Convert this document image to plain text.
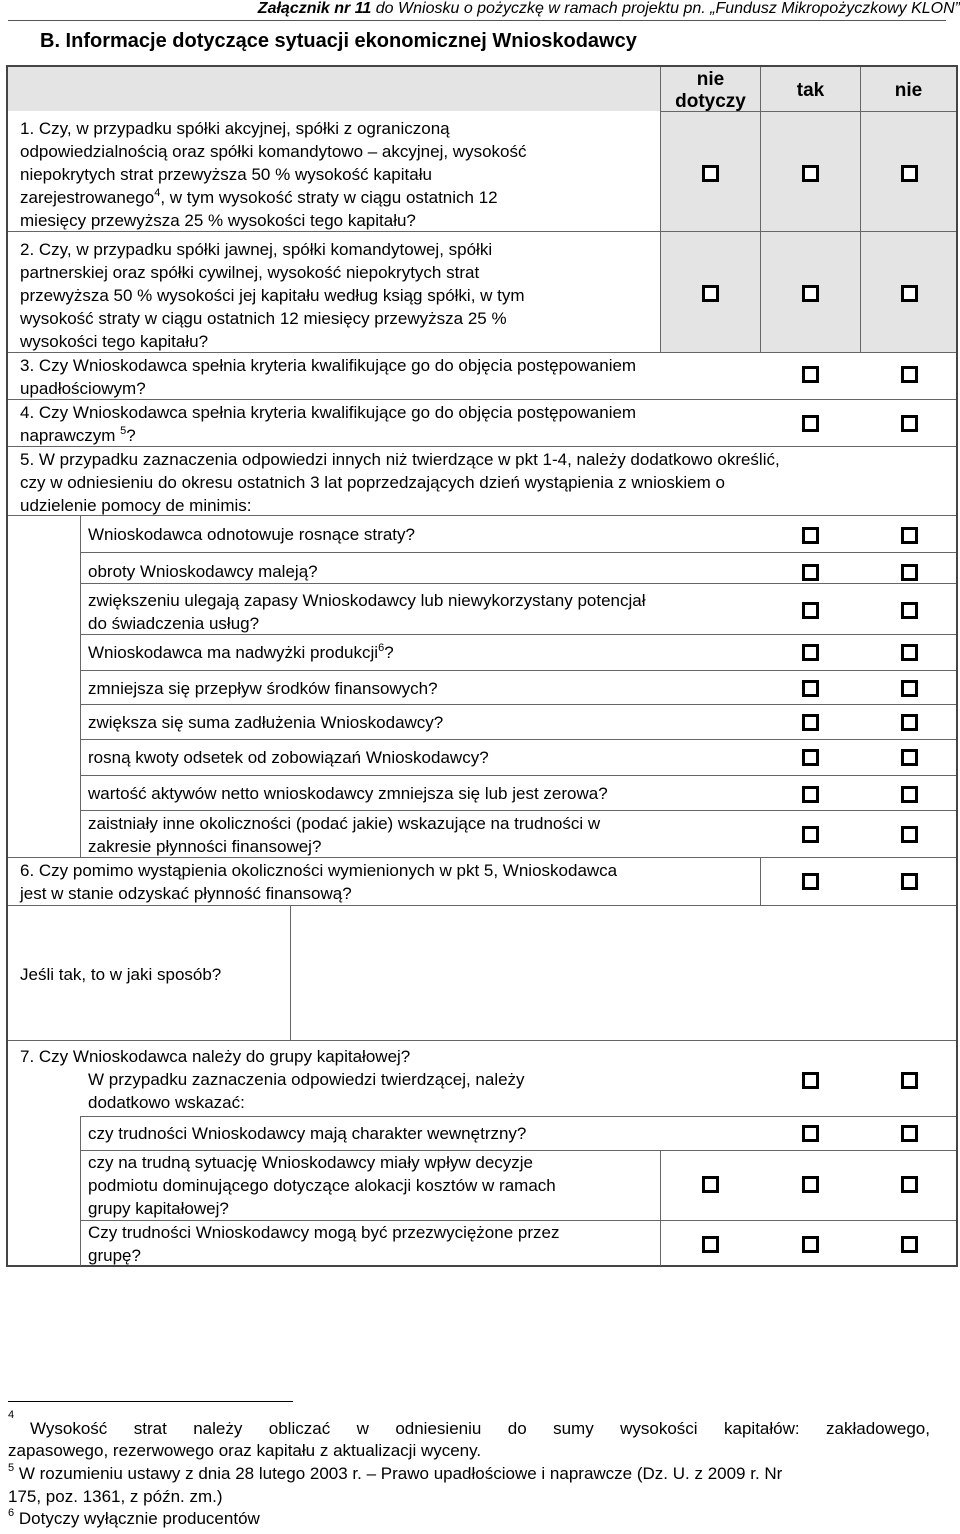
Załącznik nr 11 do Wniosku o pożyczkę w ramach projektu pn. „Fundusz Mikropożyczkowy KLON”
B. Informacje dotyczące sytuacji ekonomicznej Wnioskodawcy
nie
dotyczy
tak	nie
1. Czy, w przypadku spółki akcyjnej, spółki z ograniczoną
odpowiedzialnością oraz spółki komandytowo – akcyjnej, wysokość
niepokrytych strat przewyższa 50 % wysokość kapitału
zarejestrowanego$^4$, w tym wysokość straty w ciągu ostatnich 12
miesięcy przewyższa 25 % wysokości tego kapitału?
2. Czy, w przypadku spółki jawnej, spółki komandytowej, spółki
partnerskiej oraz spółki cywilnej, wysokość niepokrytych strat
przewyższa 50 % wysokości jej kapitału według ksiąg spółki, w tym
wysokość straty w ciągu ostatnich 12 miesięcy przewyższa 25 %
wysokości tego kapitału?
3. Czy Wnioskodawca spełnia kryteria kwalifikujące go do objęcia postępowaniem
upadłościowym?
4. Czy Wnioskodawca spełnia kryteria kwalifikujące go do objęcia postępowaniem
naprawczym $^5$?
5. W przypadku zaznaczenia odpowiedzi innych niż twierdzące w pkt 1-4, należy dodatkowo określić,
czy w odniesieniu do okresu ostatnich 3 lat poprzedzających dzień wystąpienia z wnioskiem o
udzielenie pomocy de minimis:
Wnioskodawca odnotowuje rosnące straty?
obroty Wnioskodawcy maleją?
zwiększeniu ulegają zapasy Wnioskodawcy lub niewykorzystany potencjał
do świadczenia usług?
Wnioskodawca ma nadwyżki produkcji$^6$?
zmniejsza się przepływ środków finansowych?
zwiększa się suma zadłużenia Wnioskodawcy?
rosną kwoty odsetek od zobowiązań Wnioskodawcy?
wartość aktywów netto wnioskodawcy zmniejsza się lub jest zerowa?
zaistniały inne okoliczności (podać jakie) wskazujące na trudności w
zakresie płynności finansowej?
6. Czy pomimo wystąpienia okoliczności wymienionych w pkt 5, Wnioskodawca
jest w stanie odzyskać płynność finansową?
Jeśli tak, to w jaki sposób?
7. Czy Wnioskodawca należy do grupy kapitałowej?
W przypadku zaznaczenia odpowiedzi twierdzącej, należy
dodatkowo wskazać:
czy trudności Wnioskodawcy mają charakter wewnętrzny?
czy na trudną sytuację Wnioskodawcy miały wpływ decyzje
podmiotu dominującego dotyczące alokacji kosztów w ramach
grupy kapitałowej?
Czy trudności Wnioskodawcy mogą być przezwyciężone przez
grupę?
$^4$
Wysokość strat należy obliczać w odniesieniu do sumy wysokości kapitałów: zakładowego,
zapasowego, rezerwowego oraz kapitału z aktualizacji wyceny.
$^5$ W rozumieniu ustawy z dnia 28 lutego 2003 r. – Prawo upadłościowe i naprawcze (Dz. U. z 2009 r. Nr
175, poz. 1361, z późn. zm.)
$^6$ Dotyczy wyłącznie producentów
